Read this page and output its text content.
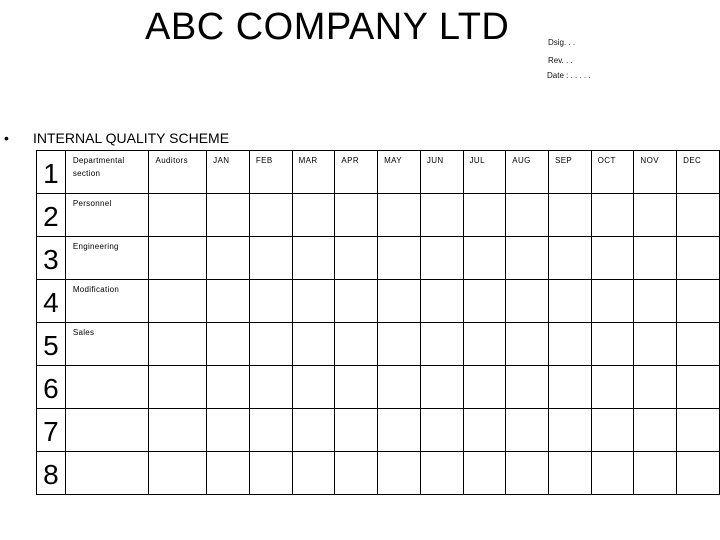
ABC COMPANY LTD	Dsig. . .
Rev. . .
Date : . . . . .
• INTERNAL QUALITY SCHEME
1	Departmental section	Auditors	JAN	FEB	MAR	APR	MAY	JUN	JUL	AUG	SEP	OCT	NOV	DEC
2	Personnel													
3	Engineering													
4	Modification													
5	Sales													
6														
7														
8														
